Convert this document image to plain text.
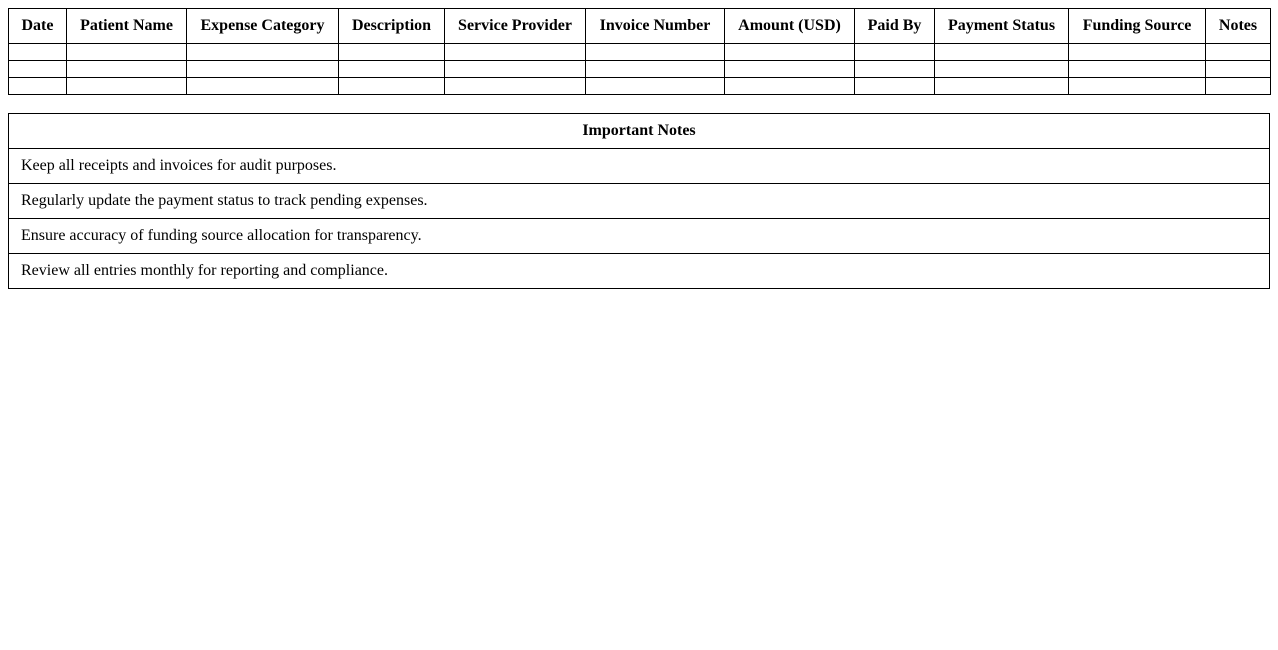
Date	Patient Name	Expense Category	Description	Service Provider	Invoice Number	Amount (USD)	Paid By	Payment Status	Funding Source	Notes

Important Notes
Keep all receipts and invoices for audit purposes.
Regularly update the payment status to track pending expenses.
Ensure accuracy of funding source allocation for transparency.
Review all entries monthly for reporting and compliance.
